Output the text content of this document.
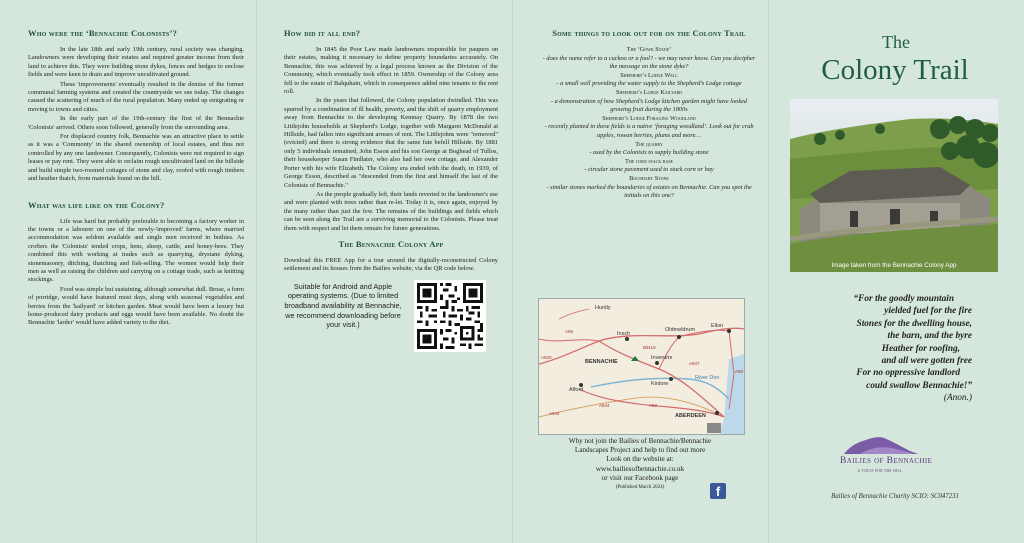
Who were the ‘Bennachie Colonists’?

In the late 18th and early 19th century, rural society was changing. Landowners were developing their estates and required greater income from their land to achieve this. They were building stone dykes, fences and hedges to enclose fields and were keen to drain and improve uncultivated ground.

These 'improvements' eventually resulted in the demise of the former communal farming systems and created the countryside we see today. The changes caused the scattering of much of the rural population. Many ended up emigrating or moving to towns and cities.

In the early part of the 19th-century the first of the Bennachie 'Colonists' arrived. Others soon followed, generally from the surrounding area.

For displaced country folk, Bennachie was an attractive place to settle as it was a 'Commonty' in the shared ownership of local estates, and thus not controlled by any one landowner. Consequently, Colonists were not required to sign leases or pay rent. They were able to reclaim rough uncultivated land on the hillside and build simple two-roomed cottages of stone and clay, roofed with rough timbers and heather thatch, from materials found on the hill.

What was life like on the Colony?

Life was hard but probably preferable to becoming a factory worker in the towns or a labourer on one of the newly-'improved' farms, where married accommodation was seldom available and single men received in bothies. As crofters the 'Colonists' tended crops, hens, sheep, cattle, and honey-bees. They combined this with working at trades such as quarrying, drystane dyking, stonemasonry, ditching, thatching and fish-selling. The women would help their men as well as raising the children and carrying on a cottage trade, such as knitting stockings.

Food was simple but sustaining, although somewhat dull. Brose, a form of porridge, would have featured most days, along with seasonal vegetables and berries from the 'kailyard' or kitchen garden. Meat would have been a luxury but home-produced dairy products and eggs would have been available. No doubt the Bennachie 'larder' would have added variety to the diet.

How did it all end?

In 1845 the Poor Law made landowners responsible for paupers on their estates, making it necessary to define property boundaries accurately. On Bennachie, this was achieved by a legal process known as the Division of the Commonty, which eventually took effect in 1859. Ownership of the Colony area fell to the estate of Balquhain, which in consequence added nine tenants to the rent roll.

In the years that followed, the Colony population dwindled. This was spurred by a combination of ill health, poverty, and the shift of quarry employment away from Bennachie to the developing Kemnay Quarry. By 1878 the two Littlejohn households at Shepherd's Lodge, together with Margaret McDonald at Hillside, had fallen into significant arrears of rent. The Littlejohns were "removed" (evicted) and there is strong evidence that the same fate befell Hillside. By 1881 only 5 individuals remained, John Esson and his son George at Boghead of Tullos, their housekeeper Susan Findlater, who also had her own cottage, and Alexander Porter with his wife Elizabeth. The Colony era ended with the death, in 1939, of George Esson, described as "descended from the first and himself the last of the Colonists of Bennachie."

As the people gradually left, their lands reverted to the landowner's use and were planted with trees rather than re-let. Today it is, once again, enjoyed by the many rather than just the few. The remains of the buildings and fields which can be seen along the Trail are a surviving memorial to the Colonists. Please treat them with respect and let them remain for future generations.

The Bennachie Colony App

Download this FREE App for a tour around the digitally-reconstructed Colony settlement and its houses from the Bailies website, via the QR code below.

Suitable for Android and Apple operating systems. (Due to limited broadband availability at Bennachie, we recommend downloading before your visit.)
Some things to look out for on the Colony Trail
The ‘Gowk Stane’
- does the name refer to a cuckoo or a fool? - we may never know. Can you decipher the message on the stone dyke?
Shepherd’s Lodge Well
- a small well providing the water supply to the Shepherd’s Lodge cottage
Shepherd’s Lodge Kailyard
- a demonstration of how Shepherd’s Lodge kitchen garden might have looked growing fruit during the 1800s
Shepherd’s Lodge Foraging Woodland
- recently planted in these fields is a native ‘foraging woodland’. Look out for crab apples, rowan berries, plums and more…
The quarry
- used by the Colonists to supply building stone
The corn stack base
- circular stone pavement used to stack corn or hay
Boundary Stone
- similar stones marked the boundaries of estates on Bennachie. Can you spot the initials on this one?
Huntly
Insch
Oldmeldrum
Ellon
BENNACHIE
Inverurie
Kintore
Alford
ABERDEEN
River Don
A96
A944
A920
A947
A90
B9119
A93
A944
Why not join the Bailies of Bennachie/Bennachie
Landscapes Project and help to find out more
Look on the website at:
www.bailiesofbennachie.co.uk
or visit our Facebook page
(Published March 2024)	f
The
Colony Trail
Image taken from the Bennachie Colony App
“For the goodly mountain
yielded fuel for the fire
Stones for the dwelling house,
the barn, and the byre
Heather for roofing,
and all were gotten free
For no oppressive landlord
could swallow Bennachie!”
(Anon.)
Bailies of Bennachie
A VOICE FOR THE HILL
Bailies of Bennachie Charity SCIO: SC047231
